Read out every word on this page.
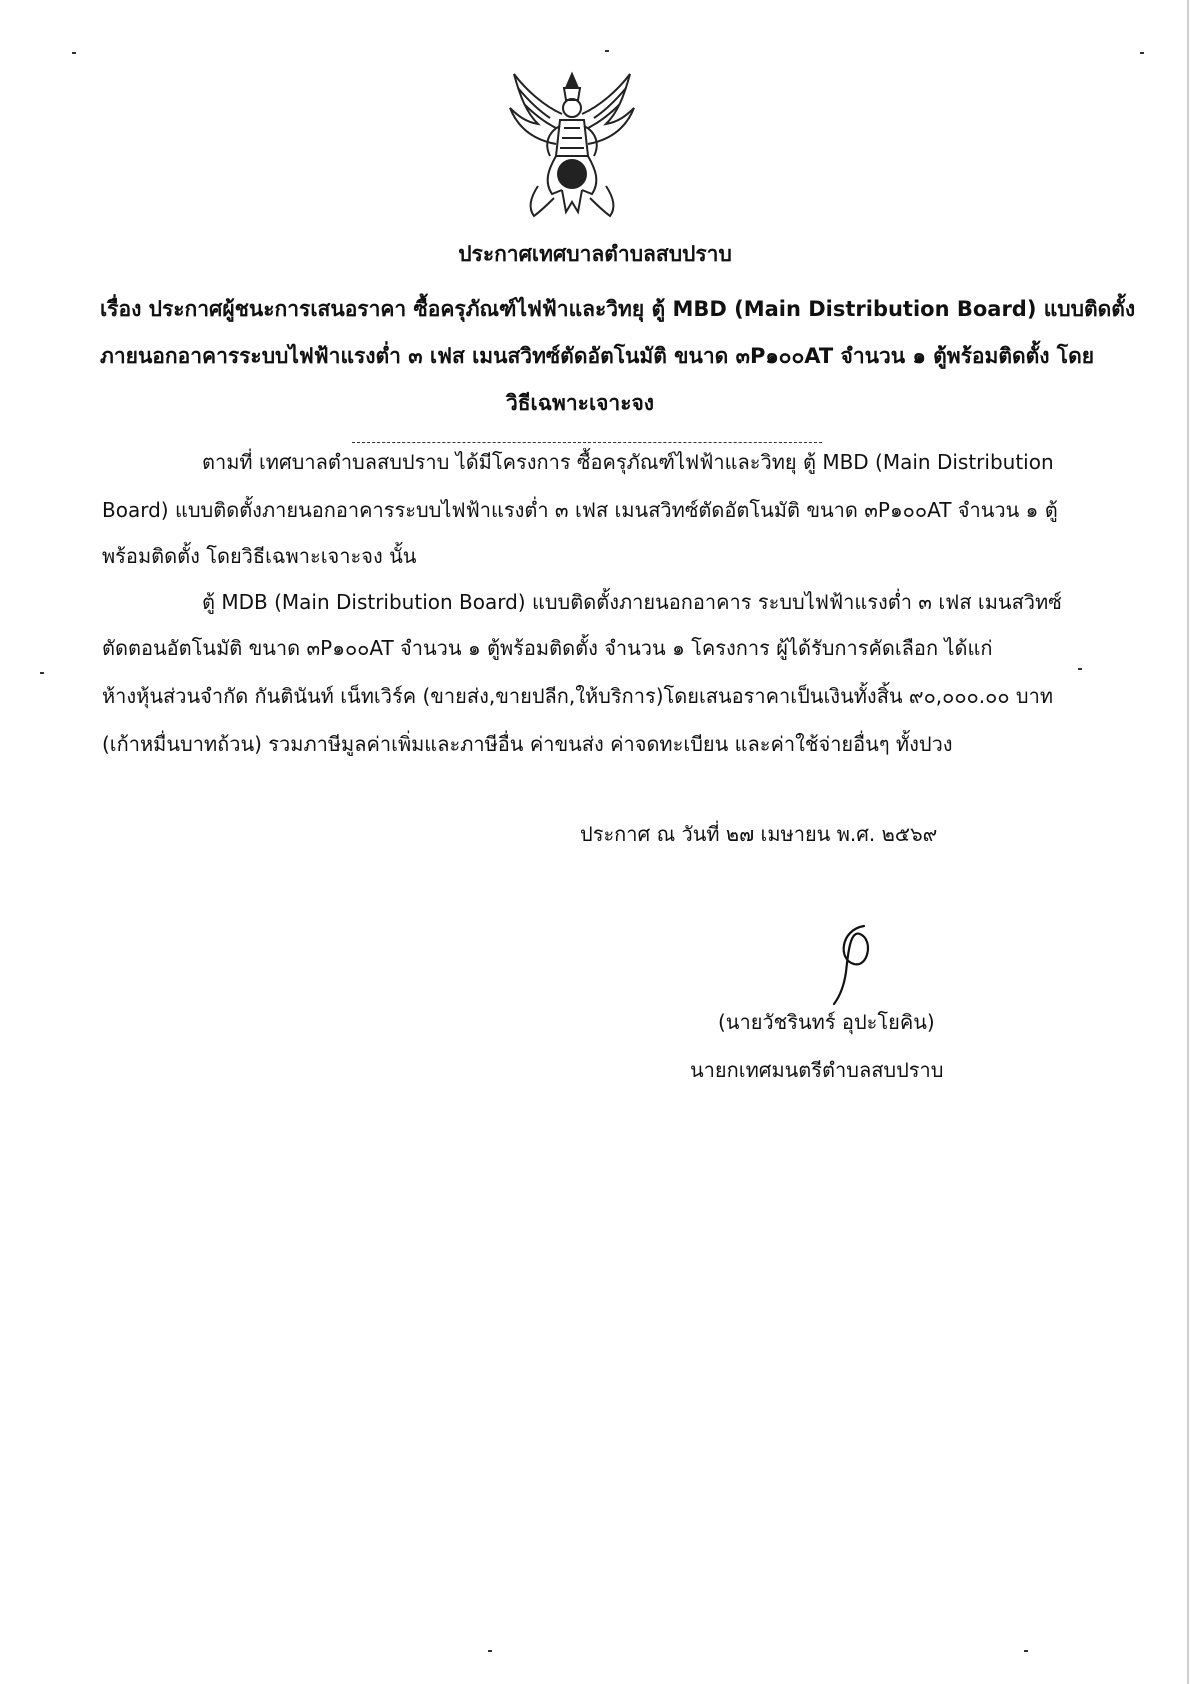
ประกาศเทศบาลตำบลสบปราบ
เรื่อง ประกาศผู้ชนะการเสนอราคา ซื้อครุภัณฑ์ไฟฟ้าและวิทยุ ตู้ MBD (Main Distribution Board) แบบติดตั้ง
ภายนอกอาคารระบบไฟฟ้าแรงต่ำ ๓ เฟส เมนสวิทซ์ตัดอัตโนมัติ ขนาด ๓P๑๐๐AT จำนวน ๑ ตู้พร้อมติดตั้ง โดย
วิธีเฉพาะเจาะจง
ตามที่ เทศบาลตำบลสบปราบ ได้มีโครงการ ซื้อครุภัณฑ์ไฟฟ้าและวิทยุ ตู้ MBD (Main Distribution
Board) แบบติดตั้งภายนอกอาคารระบบไฟฟ้าแรงต่ำ ๓ เฟส เมนสวิทซ์ตัดอัตโนมัติ ขนาด ๓P๑๐๐AT จำนวน ๑ ตู้
พร้อมติดตั้ง โดยวิธีเฉพาะเจาะจง นั้น
ตู้ MDB (Main Distribution Board) แบบติดตั้งภายนอกอาคาร ระบบไฟฟ้าแรงต่ำ ๓ เฟส เมนสวิทซ์
ตัดตอนอัตโนมัติ ขนาด ๓P๑๐๐AT จำนวน ๑ ตู้พร้อมติดตั้ง จำนวน ๑ โครงการ ผู้ได้รับการคัดเลือก ได้แก่
ห้างหุ้นส่วนจำกัด กันตินันท์ เน็ทเวิร์ค (ขายส่ง,ขายปลีก,ให้บริการ)โดยเสนอราคาเป็นเงินทั้งสิ้น ๙๐,๐๐๐.๐๐ บาท
(เก้าหมื่นบาทถ้วน) รวมภาษีมูลค่าเพิ่มและภาษีอื่น ค่าขนส่ง ค่าจดทะเบียน และค่าใช้จ่ายอื่นๆ ทั้งปวง
ประกาศ ณ วันที่ ๒๗ เมษายน พ.ศ. ๒๕๖๙
(นายวัชรินทร์ อุปะโยคิน)
นายกเทศมนตรีตำบลสบปราบ
